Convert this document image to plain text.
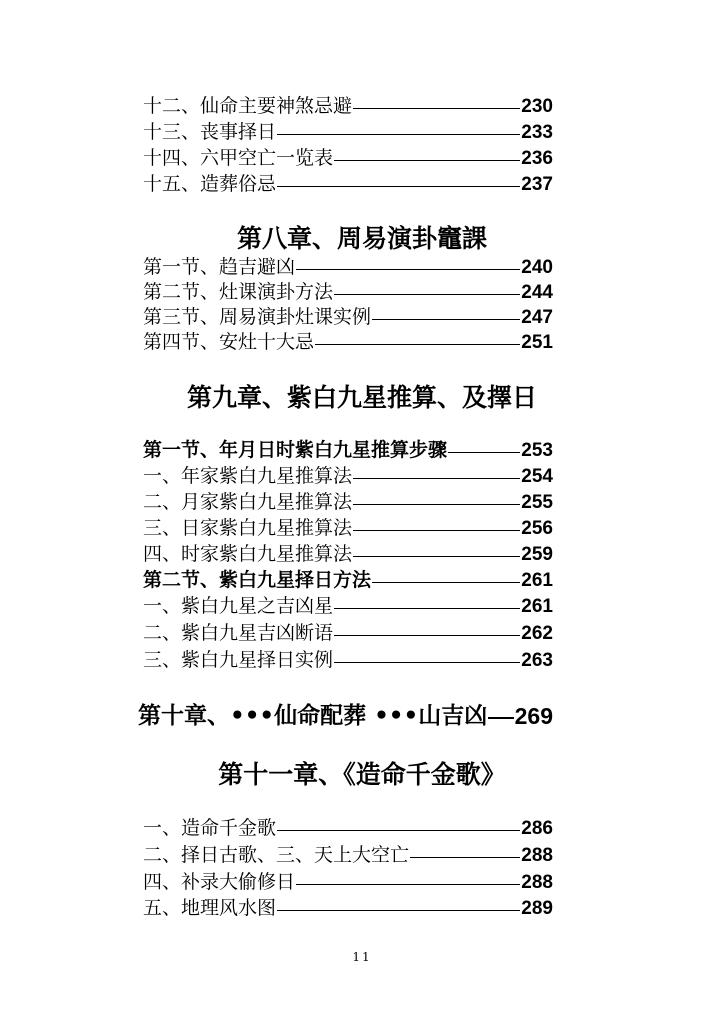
十二、仙命主要神煞忌避	230
十三、丧事择日	233
十四、六甲空亡一览表	236
十五、造葬俗忌	237
第八章、周易演卦竈課
第一节、趋吉避凶	240
第二节、灶课演卦方法	244
第三节、周易演卦灶课实例	247
第四节、安灶十大忌	251
第九章、紫白九星推算、及擇日
第一节、年月日时紫白九星推算步骤	253
一、年家紫白九星推算法	254
二、月家紫白九星推算法	255
三、日家紫白九星推算法	256
四、时家紫白九星推算法	259
第二节、紫白九星择日方法	261
一、紫白九星之吉凶星	261
二、紫白九星吉凶断语	262
三、紫白九星择日实例	263
第十章、•••仙命配葬 •••山吉凶 269
第十一章、《造命千金歌》
一、造命千金歌	286
二、择日古歌、三、天上大空亡	288
四、补录大偷修日	288
五、地理风水图	289
11
